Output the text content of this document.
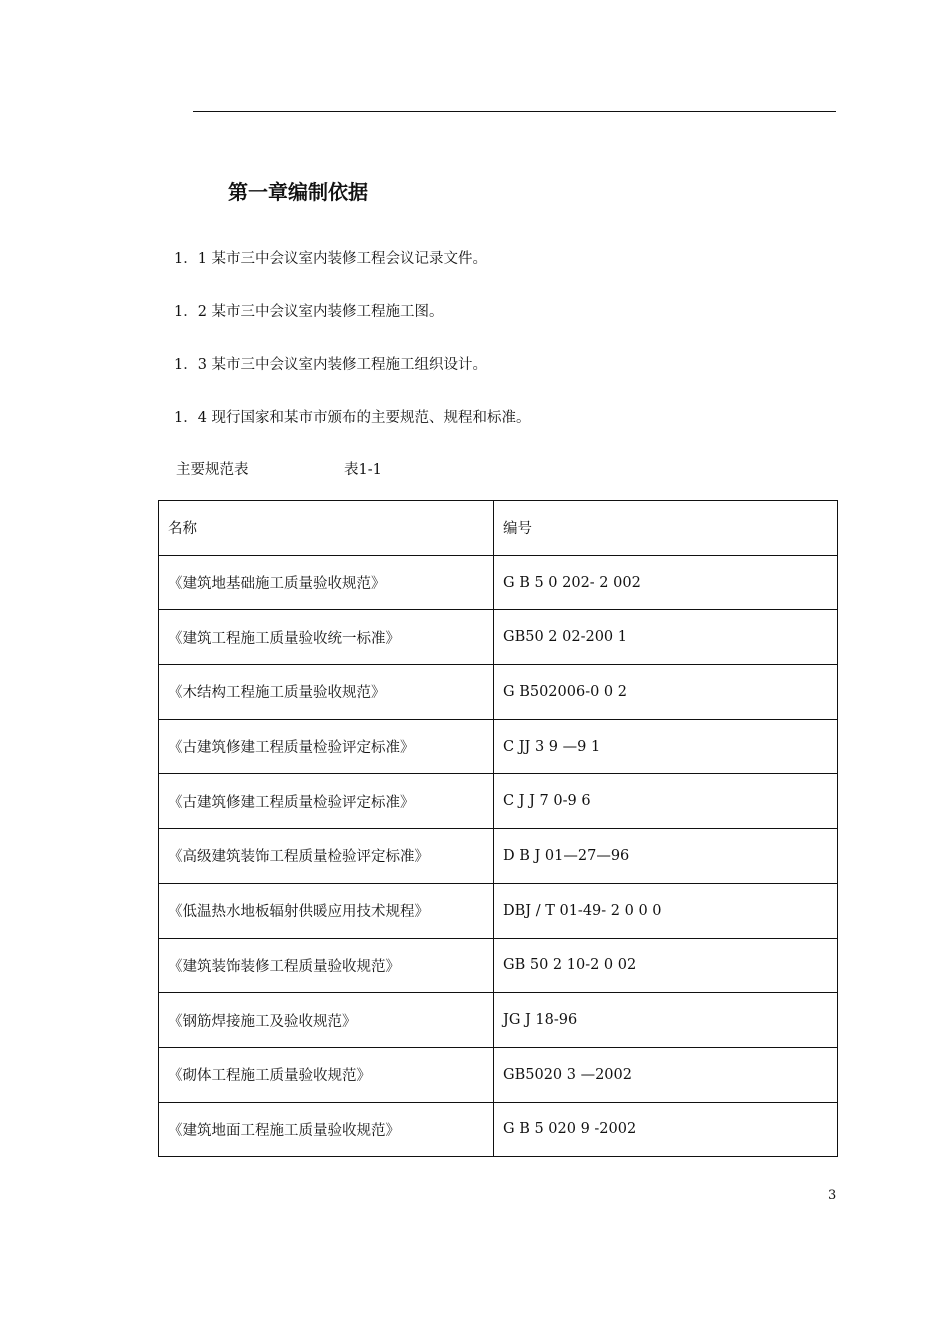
第一章编制依据

1．1 某市三中会议室内装修工程会议记录文件。

1．2 某市三中会议室内装修工程施工图。

1．3 某市三中会议室内装修工程施工组织设计。

1．4 现行国家和某市市颁布的主要规范、规程和标准。

主要规范表	表1-1
名称	编号
《建筑地基础施工质量验收规范》	G B 5 0 202- 2 002
《建筑工程施工质量验收统一标准》	GB50 2 02-200 1
《木结构工程施工质量验收规范》	G B502006-0 0 2
《古建筑修建工程质量检验评定标准》	C JJ 3 9 —9 1
《古建筑修建工程质量检验评定标准》	C J J 7 0-9 6
《高级建筑装饰工程质量检验评定标准》	D B J 01—27—96
《低温热水地板辐射供暖应用技术规程》	DBJ / T 01-49- 2 0 0 0
《建筑装饰装修工程质量验收规范》	GB 50 2 10-2 0 02
《钢筋焊接施工及验收规范》	JG J 18-96
《砌体工程施工质量验收规范》	GB5020 3 —2002
《建筑地面工程施工质量验收规范》	G B 5 020 9 -2002
3
